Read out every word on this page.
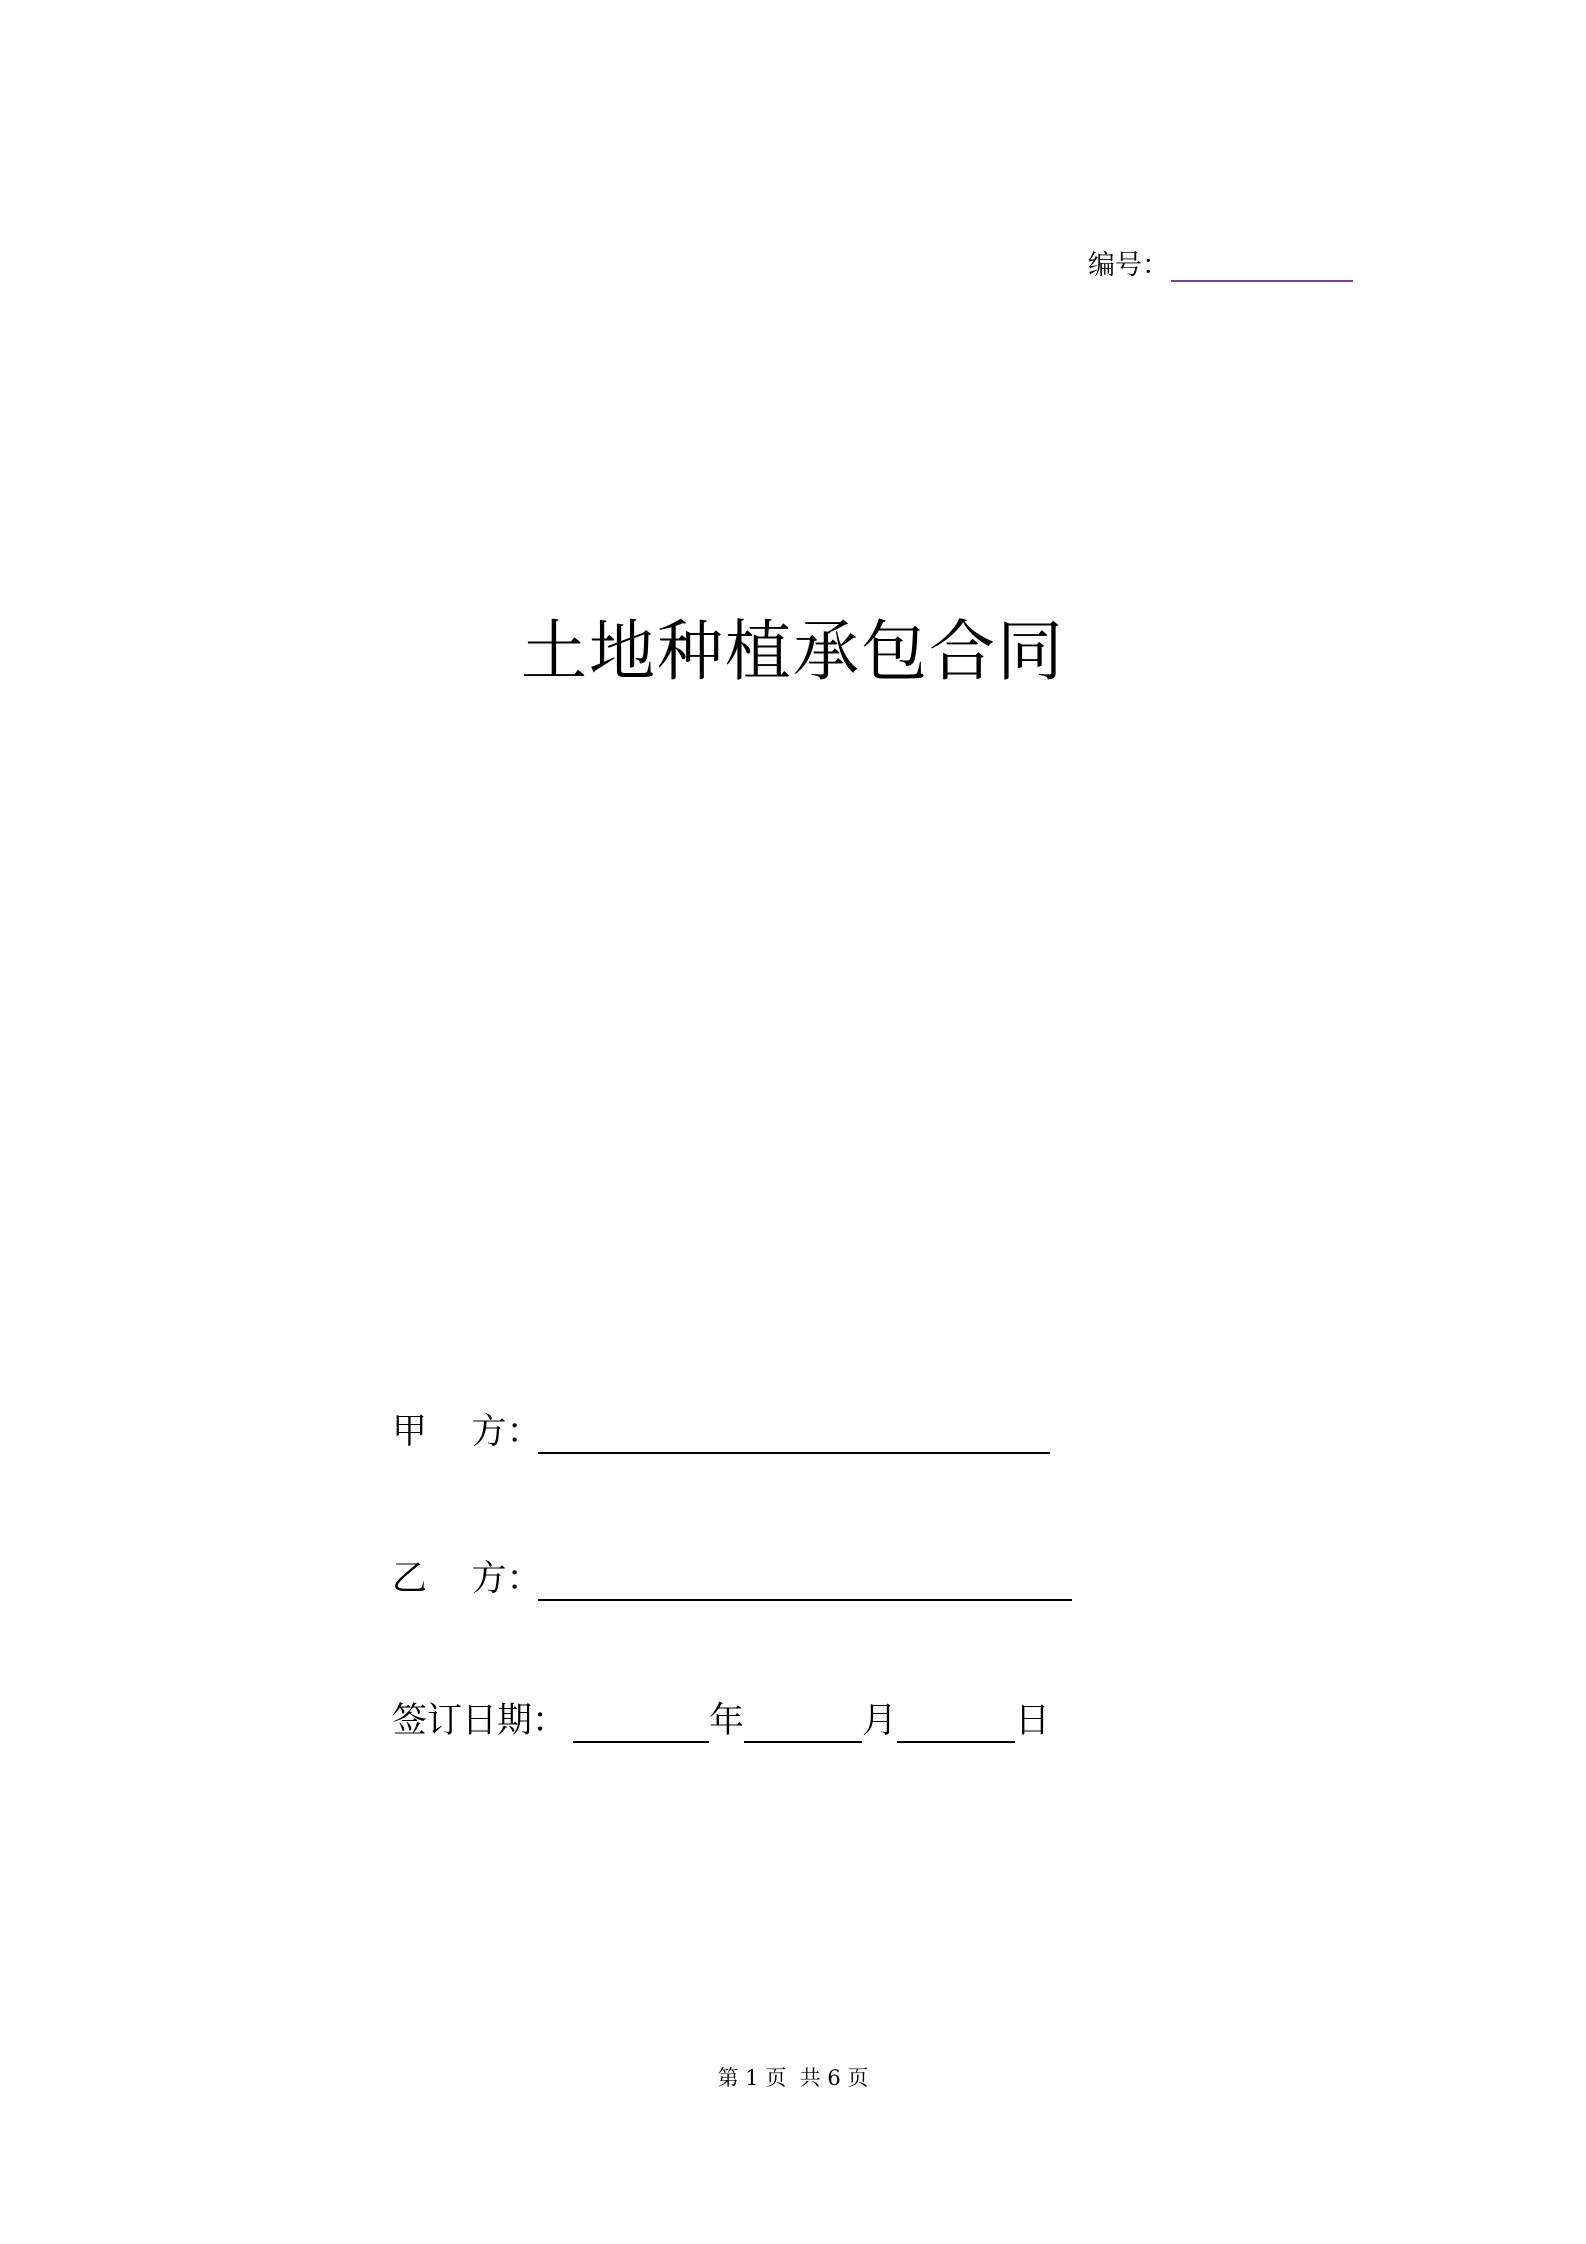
编号：
土地种植承包合同
甲    方：
乙    方：
签订日期：	年	月	日
第 1 页  共 6 页
